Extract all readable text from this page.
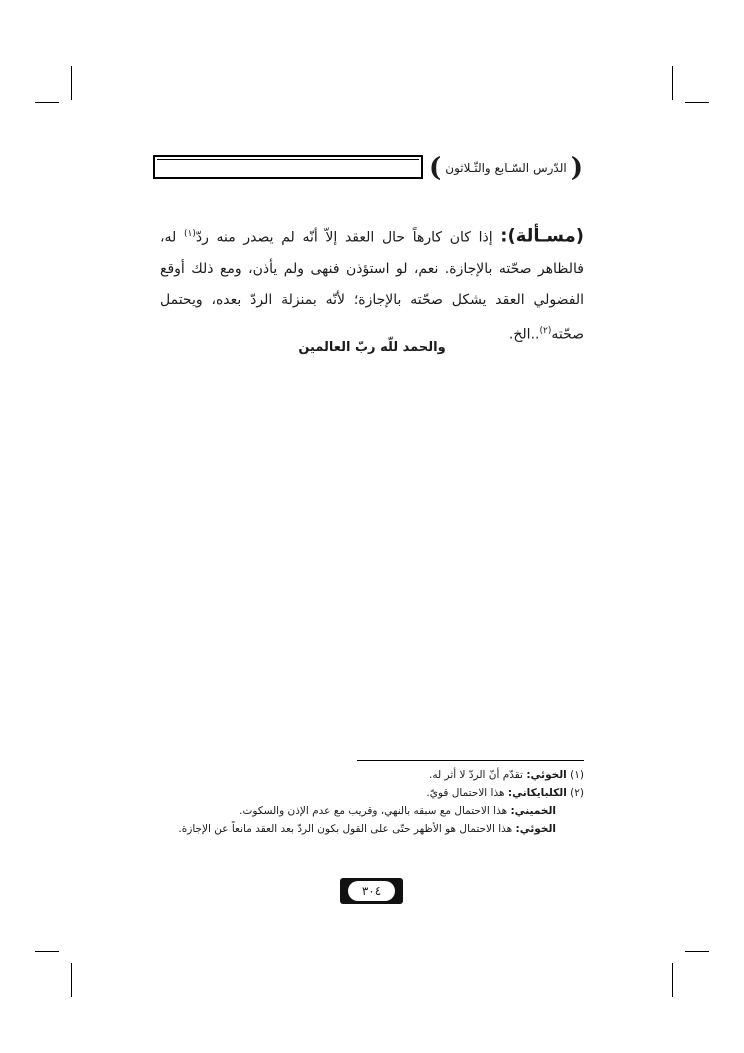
(
الدّرس السّـابع والثّـلاثون
)
(مسـألة): إذا كان كارهاً حال العقد إلاّ أنّه لم يصدر منه ردّ$^{(١)}$ له، فالظاهر صحّته بالإجازة. نعم، لو استؤذن فنهى ولم يأذن، ومع ذلك أوقع الفضولي العقد يشكل صحّته بالإجازة؛ لأنّه بمنزلة الردّ بعده، ويحتمل صحّته$^{(٢)}$..الخ.
والحمد للّه ربّ العالمين
(١) الخوئي: تقدّم أنّ الردّ لا أثر له.
(٢) الكلبايكاني: هذا الاحتمال قويّ.
الخميني: هذا الاحتمال مع سبقه بالنهي، وقريب مع عدم الإذن والسكوت.
الخوئي: هذا الاحتمال هو الأظهر حتّى على القول بكون الردّ بعد العقد مانعاً عن الإجازة.
٣٠٤
